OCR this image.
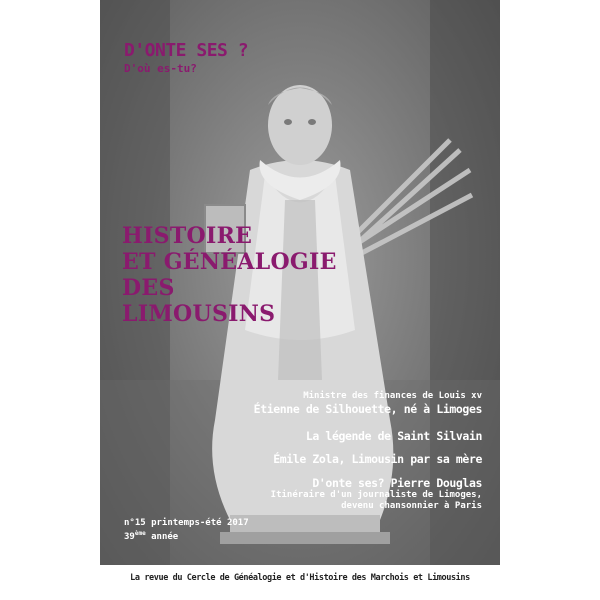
D'ONTE SES ?
D'où es-tu?
HISTOIRE
ET GÉNÉALOGIE
DES
LIMOUSINS
Ministre des finances de Louis xv
Étienne de Silhouette, né à Limoges
La légende de Saint Silvain
Émile Zola, Limousin par sa mère
D'onte ses? Pierre Douglas
Itinéraire d'un journaliste de Limoges,
devenu chansonnier à Paris
n°15 printemps-été 2017
39ème année
La revue du Cercle de Généalogie et d'Histoire des Marchois et Limousins
